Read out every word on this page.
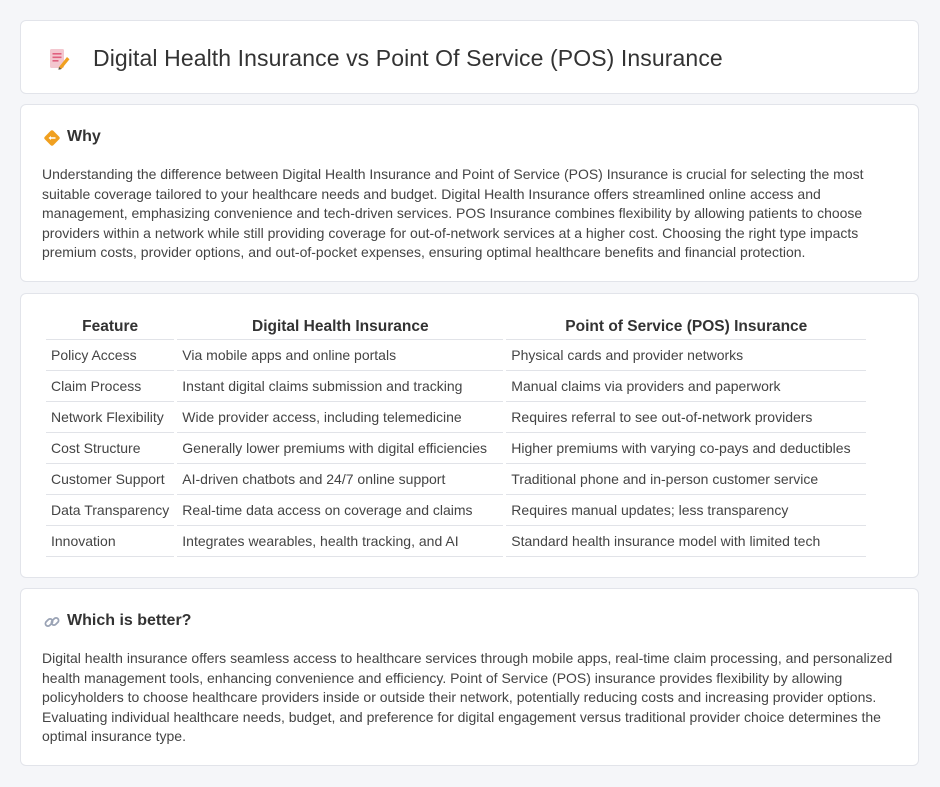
Digital Health Insurance vs Point Of Service (POS) Insurance
Why

Understanding the difference between Digital Health Insurance and Point of Service (POS) Insurance is crucial for selecting the most suitable coverage tailored to your healthcare needs and budget. Digital Health Insurance offers streamlined online access and management, emphasizing convenience and tech-driven services. POS Insurance combines flexibility by allowing patients to choose providers within a network while still providing coverage for out-of-network services at a higher cost. Choosing the right type impacts premium costs, provider options, and out-of-pocket expenses, ensuring optimal healthcare benefits and financial protection.

Feature	Digital Health Insurance	Point of Service (POS) Insurance
Policy Access	Via mobile apps and online portals	Physical cards and provider networks
Claim Process	Instant digital claims submission and tracking	Manual claims via providers and paperwork
Network Flexibility	Wide provider access, including telemedicine	Requires referral to see out-of-network providers
Cost Structure	Generally lower premiums with digital efficiencies	Higher premiums with varying co-pays and deductibles
Customer Support	AI-driven chatbots and 24/7 online support	Traditional phone and in-person customer service
Data Transparency	Real-time data access on coverage and claims	Requires manual updates; less transparency
Innovation	Integrates wearables, health tracking, and AI	Standard health insurance model with limited tech
Which is better?

Digital health insurance offers seamless access to healthcare services through mobile apps, real-time claim processing, and personalized health management tools, enhancing convenience and efficiency. Point of Service (POS) insurance provides flexibility by allowing policyholders to choose healthcare providers inside or outside their network, potentially reducing costs and increasing provider options. Evaluating individual healthcare needs, budget, and preference for digital engagement versus traditional provider choice determines the optimal insurance type.
